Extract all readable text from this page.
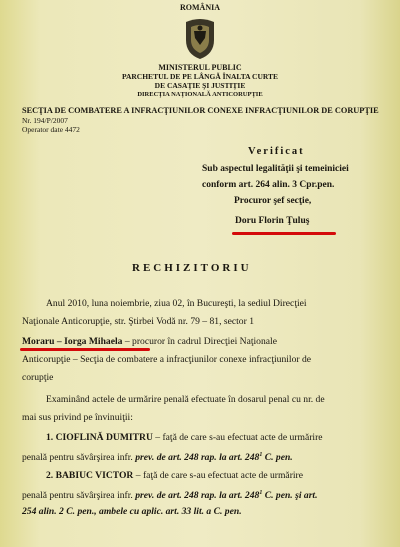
ROMÂNIA
MINISTERUL PUBLIC
PARCHETUL DE PE LÂNGĂ ÎNALTA CURTE
DE CASAŢIE ŞI JUSTIŢIE
DIRECŢIA NAŢIONALĂ ANTICORUPŢIE
SECŢIA DE COMBATERE A INFRACŢIUNILOR CONEXE INFRACŢIUNILOR DE CORUPŢIE
Nr. 194/P/2007
Operator date 4472
Verificat
Sub aspectul legalităţii şi temeiniciei
conform art. 264 alin. 3 Cpr.pen.
Procuror şef secţie,
Doru Florin Ţuluş
RECHIZITORIU
Anul 2010, luna noiembrie, ziua 02, în Bucureşti, la sediul Direcţiei
Naţionale Anticorupţie, str. Ştirbei Vodă nr. 79 – 81, sector 1
Moraru – Iorga Mihaela – procuror în cadrul Direcţiei Naţionale
Anticorupţie – Secţia de combatere a infracţiunilor conexe infracţiunilor de
corupţie
Examinând actele de urmărire penală efectuate în dosarul penal cu nr. de
mai sus privind pe învinuiţii:
1. CIOFLINĂ DUMITRU – faţă de care s-au efectuat acte de urmărire
penală pentru săvârşirea infr. prev. de art. 248 rap. la art. $248^1$ C. pen.
2. BABIUC VICTOR – faţă de care s-au efectuat acte de urmărire
penală pentru săvârşirea infr. prev. de art. 248 rap. la art. $248^1$ C. pen. şi art.
254 alin. 2 C. pen., ambele cu aplic. art. 33 lit. a C. pen.
